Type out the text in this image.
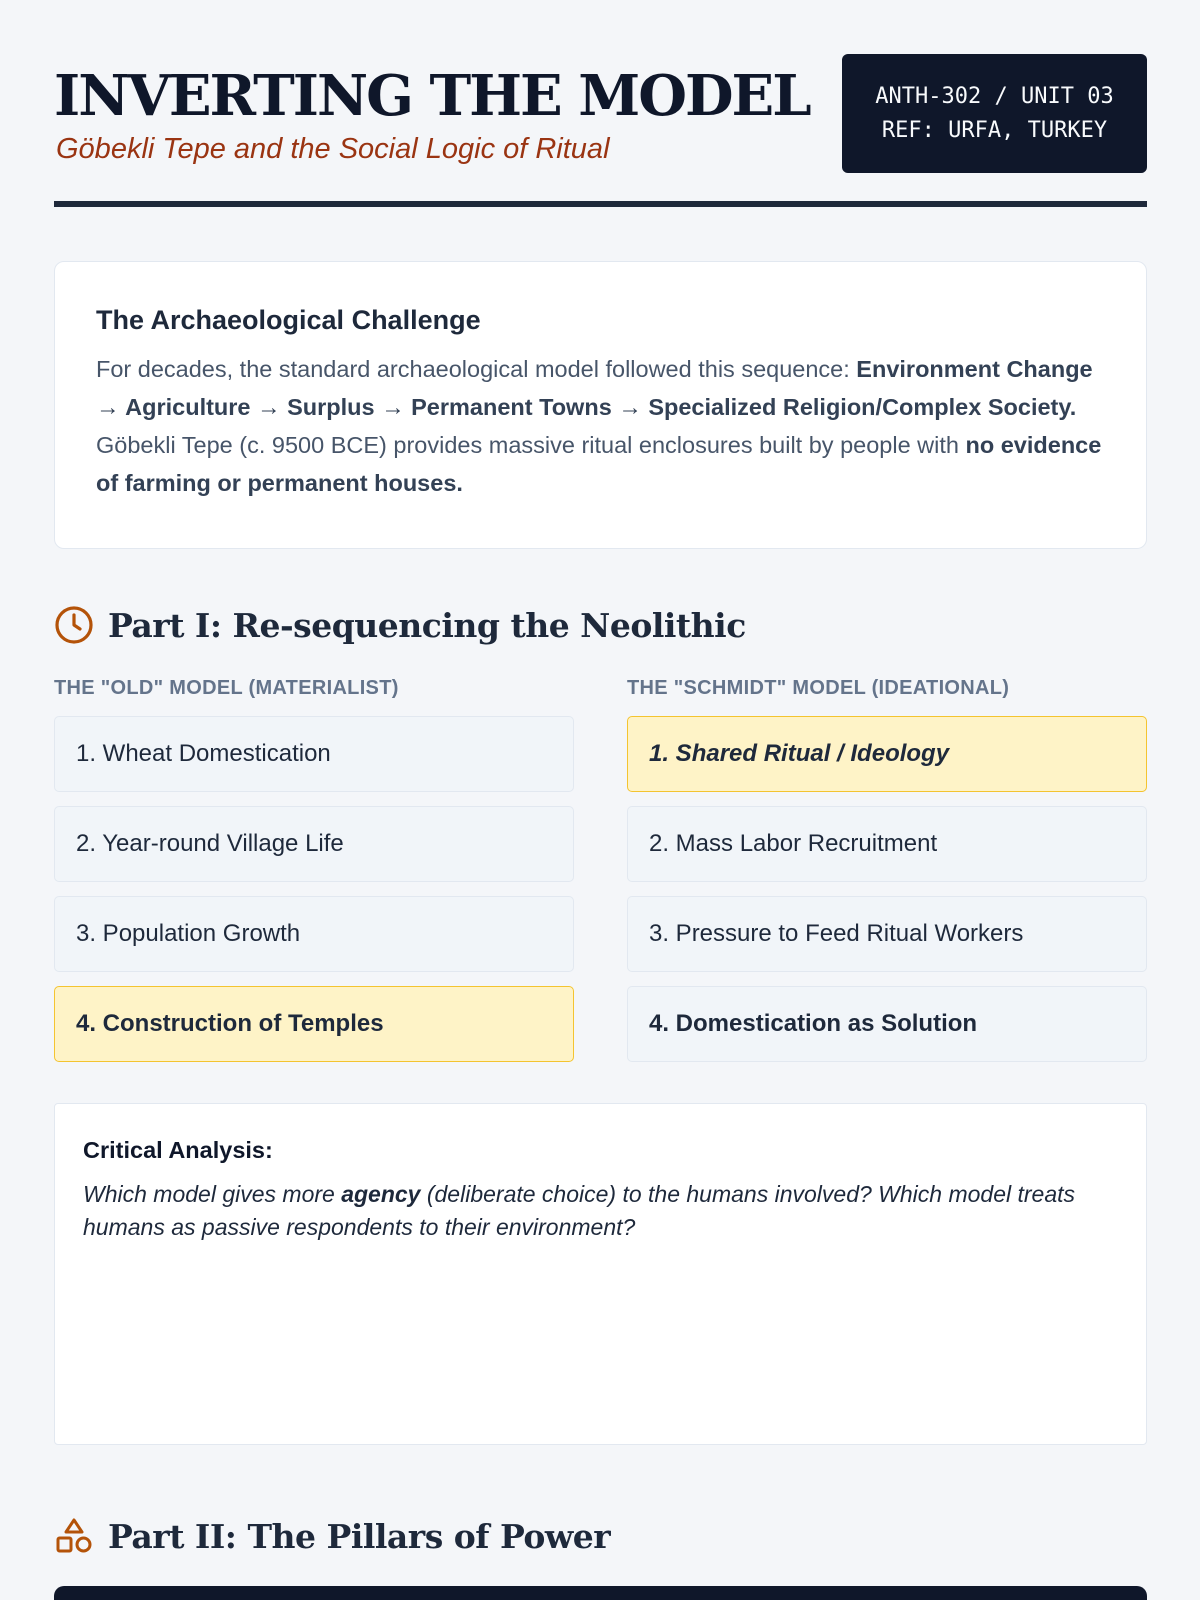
INVERTING THE MODEL
Göbekli Tepe and the Social Logic of Ritual
ANTH-302 / UNIT 03
REF: URFA, TURKEY
The Archaeological Challenge

For decades, the standard archaeological model followed this sequence: Environment Change → Agriculture → Surplus → Permanent Towns → Specialized Religion/Complex Society. Göbekli Tepe (c. 9500 BCE) provides massive ritual enclosures built by people with no evidence of farming or permanent houses.

Part I: Re-sequencing the Neolithic
THE "OLD" MODEL (MATERIALIST)
1. Wheat Domestication
2. Year-round Village Life
3. Population Growth
4. Construction of Temples
THE "SCHMIDT" MODEL (IDEATIONAL)
1. Shared Ritual / Ideology
2. Mass Labor Recruitment
3. Pressure to Feed Ritual Workers
4. Domestication as Solution
Critical Analysis:

Which model gives more agency (deliberate choice) to the humans involved? Which model treats humans as passive respondents to their environment?

Part II: The Pillars of Power
